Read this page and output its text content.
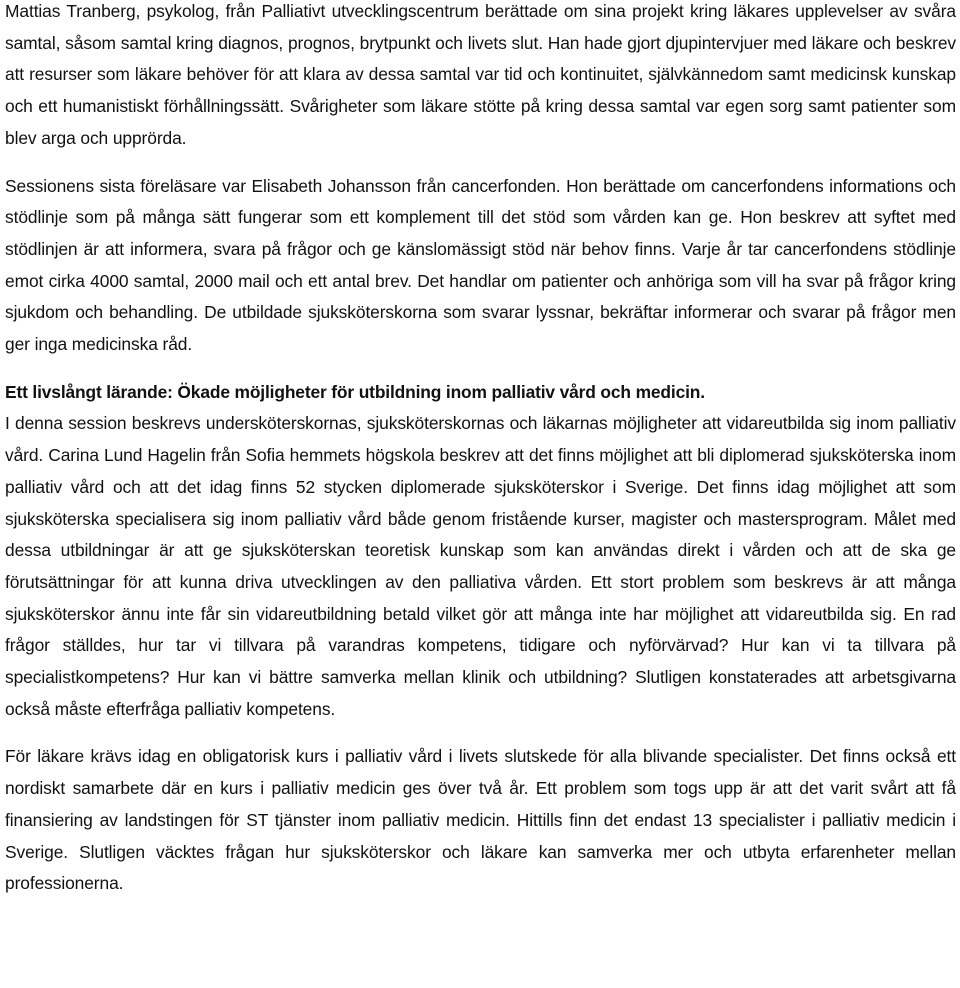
Mattias Tranberg, psykolog, från Palliativt utvecklingscentrum berättade om sina projekt kring läkares upplevelser av svåra samtal, såsom samtal kring diagnos, prognos, brytpunkt och livets slut. Han hade gjort djupintervjuer med läkare och beskrev att resurser som läkare behöver för att klara av dessa samtal var tid och kontinuitet, självkännedom samt medicinsk kunskap och ett humanistiskt förhållningssätt. Svårigheter som läkare stötte på kring dessa samtal var egen sorg samt patienter som blev arga och upprörda.

Sessionens sista föreläsare var Elisabeth Johansson från cancerfonden. Hon berättade om cancerfondens informations och stödlinje som på många sätt fungerar som ett komplement till det stöd som vården kan ge. Hon beskrev att syftet med stödlinjen är att informera, svara på frågor och ge känslomässigt stöd när behov finns. Varje år tar cancerfondens stödlinje emot cirka 4000 samtal, 2000 mail och ett antal brev. Det handlar om patienter och anhöriga som vill ha svar på frågor kring sjukdom och behandling. De utbildade sjuksköterskorna som svarar lyssnar, bekräftar informerar och svarar på frågor men ger inga medicinska råd.

Ett livslångt lärande: Ökade möjligheter för utbildning inom palliativ vård och medicin.

I denna session beskrevs undersköterskornas, sjuksköterskornas och läkarnas möjligheter att vidareutbilda sig inom palliativ vård. Carina Lund Hagelin från Sofia hemmets högskola beskrev att det finns möjlighet att bli diplomerad sjuksköterska inom palliativ vård och att det idag finns 52 stycken diplomerade sjuksköterskor i Sverige. Det finns idag möjlighet att som sjuksköterska specialisera sig inom palliativ vård både genom fristående kurser, magister och mastersprogram. Målet med dessa utbildningar är att ge sjuksköterskan teoretisk kunskap som kan användas direkt i vården och att de ska ge förutsättningar för att kunna driva utvecklingen av den palliativa vården. Ett stort problem som beskrevs är att många sjuksköterskor ännu inte får sin vidareutbildning betald vilket gör att många inte har möjlighet att vidareutbilda sig. En rad frågor ställdes, hur tar vi tillvara på varandras kompetens, tidigare och nyförvärvad? Hur kan vi ta tillvara på specialistkompetens? Hur kan vi bättre samverka mellan klinik och utbildning? Slutligen konstaterades att arbetsgivarna också måste efterfråga palliativ kompetens.

För läkare krävs idag en obligatorisk kurs i palliativ vård i livets slutskede för alla blivande specialister. Det finns också ett nordiskt samarbete där en kurs i palliativ medicin ges över två år. Ett problem som togs upp är att det varit svårt att få finansiering av landstingen för ST tjänster inom palliativ medicin. Hittills finn det endast 13 specialister i palliativ medicin i Sverige. Slutligen väcktes frågan hur sjuksköterskor och läkare kan samverka mer och utbyta erfarenheter mellan professionerna.
